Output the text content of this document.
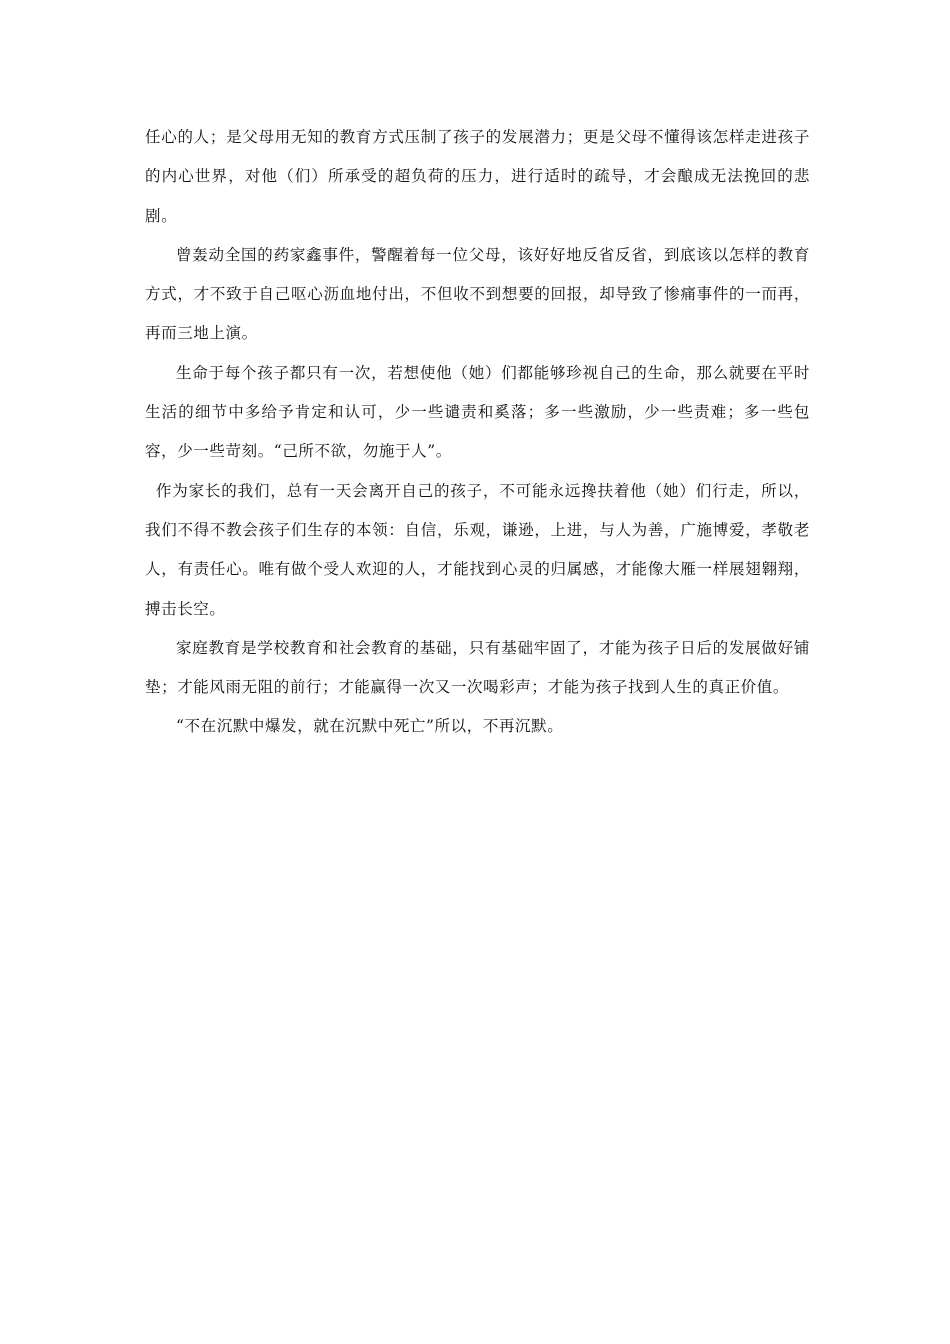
任心的人；是父母用无知的教育方式压制了孩子的发展潜力；更是父母不懂得该怎样走进孩子的内心世界，对他（们）所承受的超负荷的压力，进行适时的疏导，才会酿成无法挽回的悲剧。

曾轰动全国的药家鑫事件，警醒着每一位父母，该好好地反省反省，到底该以怎样的教育方式，才不致于自己呕心沥血地付出，不但收不到想要的回报，却导致了惨痛事件的一而再，再而三地上演。

生命于每个孩子都只有一次，若想使他（她）们都能够珍视自己的生命，那么就要在平时生活的细节中多给予肯定和认可，少一些谴责和奚落；多一些激励，少一些责难；多一些包容，少一些苛刻。“己所不欲，勿施于人”。

作为家长的我们，总有一天会离开自己的孩子，不可能永远搀扶着他（她）们行走，所以，我们不得不教会孩子们生存的本领：自信，乐观，谦逊，上进，与人为善，广施博爱，孝敬老人，有责任心。唯有做个受人欢迎的人，才能找到心灵的归属感，才能像大雁一样展翅翱翔，搏击长空。

家庭教育是学校教育和社会教育的基础，只有基础牢固了，才能为孩子日后的发展做好铺垫；才能风雨无阻的前行；才能赢得一次又一次喝彩声；才能为孩子找到人生的真正价值。

“不在沉默中爆发，就在沉默中死亡”所以，不再沉默。
